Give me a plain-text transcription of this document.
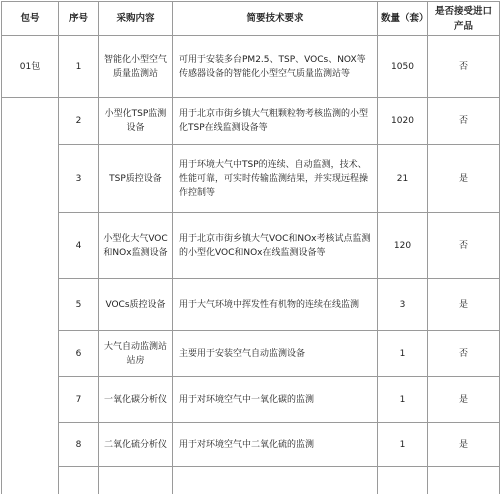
包号	序号	采购内容	简要技术要求	数量（套）	是否接受进口产品
01包	1	智能化小型空气质量监测站	可用于安装多台PM2.5、TSP、VOCs、NOX等传感器设备的智能化小型空气质量监测站等	1050	否
	2	小型化TSP监测设备	用于北京市街乡镇大气粗颗粒物考核监测的小型化TSP在线监测设备等	1020	否
	3	TSP质控设备	用于环境大气中TSP的连续、自动监测，技术、性能可靠，可实时传输监测结果，并实现远程操作控制等	21	是
	4	小型化大气VOC和NOx监测设备	用于北京市街乡镇大气VOC和NOx考核试点监测的小型化VOC和NOx在线监测设备等	120	否
	5	VOCs质控设备	用于大气环境中挥发性有机物的连续在线监测	3	是
	6	大气自动监测站站房	主要用于安装空气自动监测设备	1	否
	7	一氧化碳分析仪	用于对环境空气中一氧化碳的监测	1	是
	8	二氧化硫分析仪	用于对环境空气中二氧化硫的监测	1	是
